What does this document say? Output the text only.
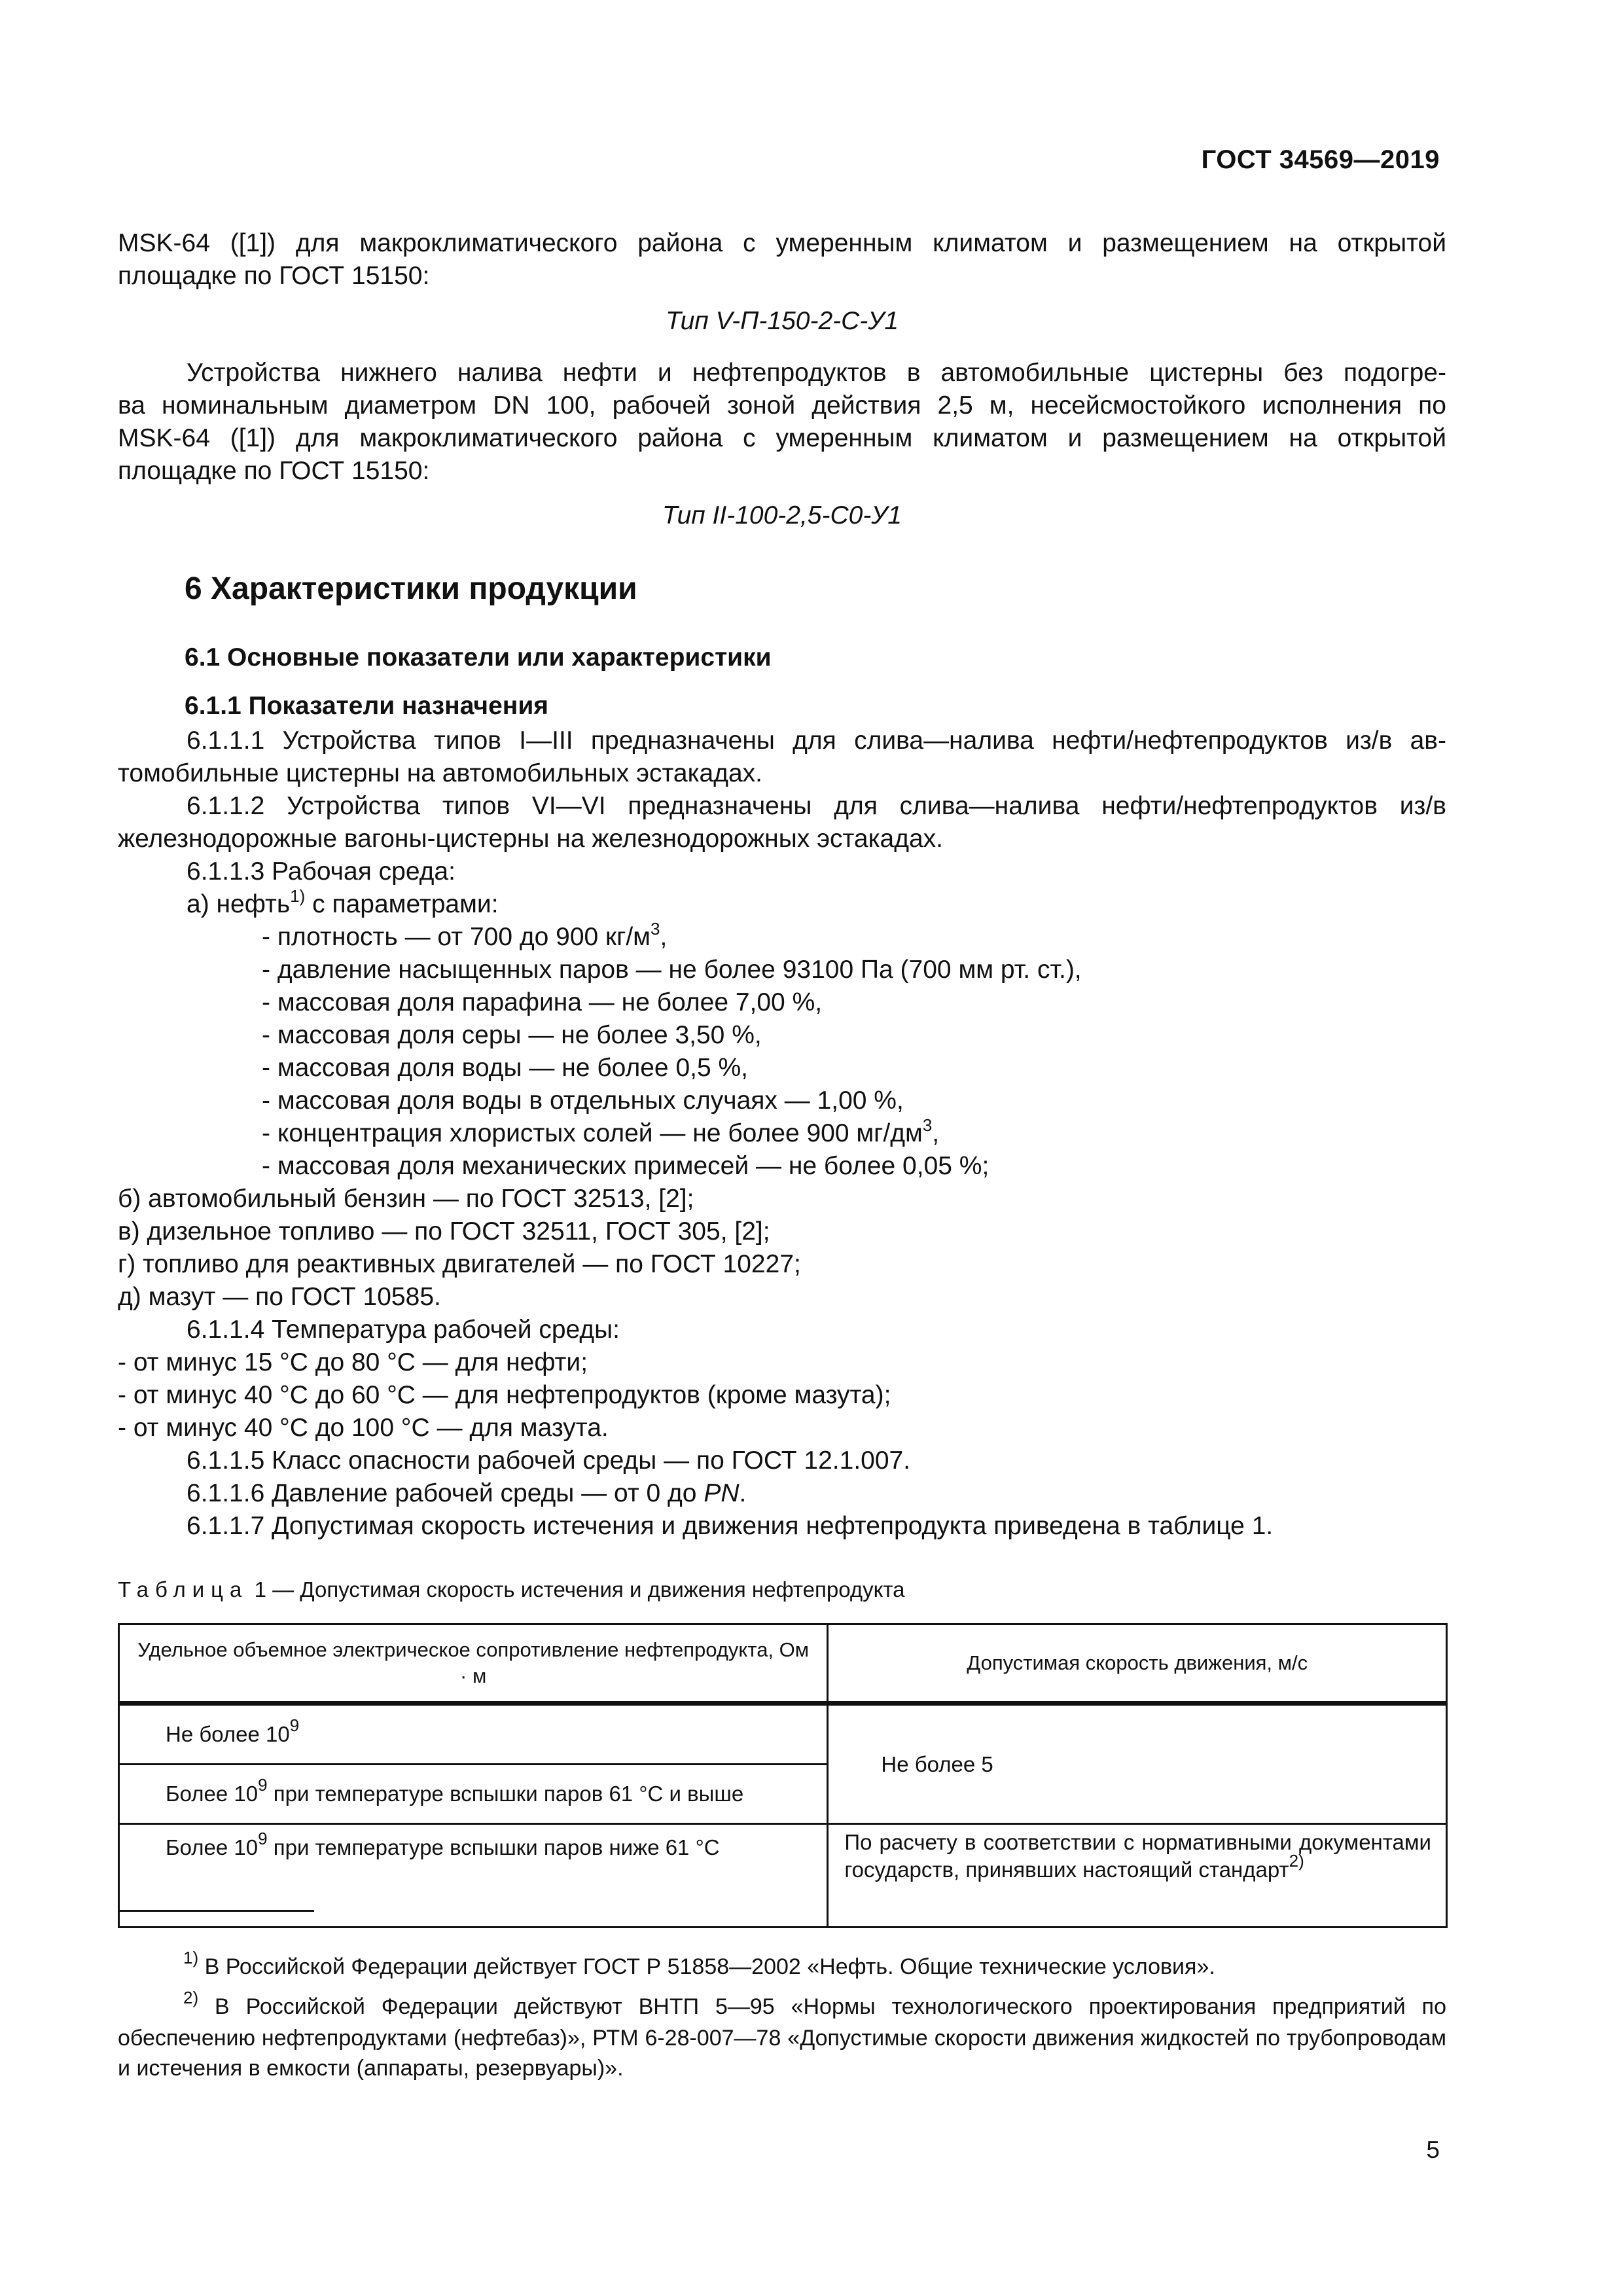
ГОСТ 34569—2019
MSK-64 ([1]) для макроклиматического района с умеренным климатом и размещением на открытой
площадке по ГОСТ 15150:
Тип V-П-150-2-С-У1
Устройства нижнего налива нефти и нефтепродуктов в автомобильные цистерны без подогре-
ва номинальным диаметром DN 100, рабочей зоной действия 2,5 м, несейсмостойкого исполнения по
MSK-64 ([1]) для макроклиматического района с умеренным климатом и размещением на открытой
площадке по ГОСТ 15150:
Тип II-100-2,5-С0-У1
6 Характеристики продукции
6.1 Основные показатели или характеристики
6.1.1 Показатели назначения
6.1.1.1 Устройства типов I—III предназначены для слива—налива нефти/нефтепродуктов из/в ав-
томобильные цистерны на автомобильных эстакадах.
6.1.1.2 Устройства типов VI—VI предназначены для слива—налива нефти/нефтепродуктов из/в
железнодорожные вагоны-цистерны на железнодорожных эстакадах.
6.1.1.3 Рабочая среда:
а) нефть$^{1)}$ с параметрами:
- плотность — от 700 до 900 $кг/м^3$,
- давление насыщенных паров — не более 93100 Па (700 мм рт. ст.),
- массовая доля парафина — не более 7,00 %,
- массовая доля серы — не более 3,50 %,
- массовая доля воды — не более 0,5 %,
- массовая доля воды в отдельных случаях — 1,00 %,
- концентрация хлористых солей — не более 900 $мг/дм^3$,
- массовая доля механических примесей — не более 0,05 %;
б) автомобильный бензин — по ГОСТ 32513, [2];
в) дизельное топливо — по ГОСТ 32511, ГОСТ 305, [2];
г) топливо для реактивных двигателей — по ГОСТ 10227;
д) мазут — по ГОСТ 10585.
6.1.1.4 Температура рабочей среды:
- от минус 15 °С до 80 °С — для нефти;
- от минус 40 °С до 60 °С — для нефтепродуктов (кроме мазута);
- от минус 40 °С до 100 °С — для мазута.
6.1.1.5 Класс опасности рабочей среды — по ГОСТ 12.1.007.
6.1.1.6 Давление рабочей среды — от 0 до PN.
6.1.1.7 Допустимая скорость истечения и движения нефтепродукта приведена в таблице 1.
Таблица 1 — Допустимая скорость истечения и движения нефтепродукта
Удельное объемное электрическое сопротивление нефтепродукта, Ом · м	Допустимая скорость движения, м/с
Не более $10^9$	Не более 5
Более $10^9$ при температуре вспышки паров 61 °С и выше	
Более $10^9$ при температуре вспышки паров ниже 61 °С	По расчету в соответствии с нормативными документами государств, принявших настоящий стандарт$^{2)}$
$^{1)}$ В Российской Федерации действует ГОСТ Р 51858—2002 «Нефть. Общие технические условия».
$^{2)}$ В Российской Федерации действуют ВНТП 5—95 «Нормы технологического проектирования предприятий по обеспечению нефтепродуктами (нефтебаз)», РТМ 6-28-007—78 «Допустимые скорости движения жидкостей по трубопроводам и истечения в емкости (аппараты, резервуары)».
5
